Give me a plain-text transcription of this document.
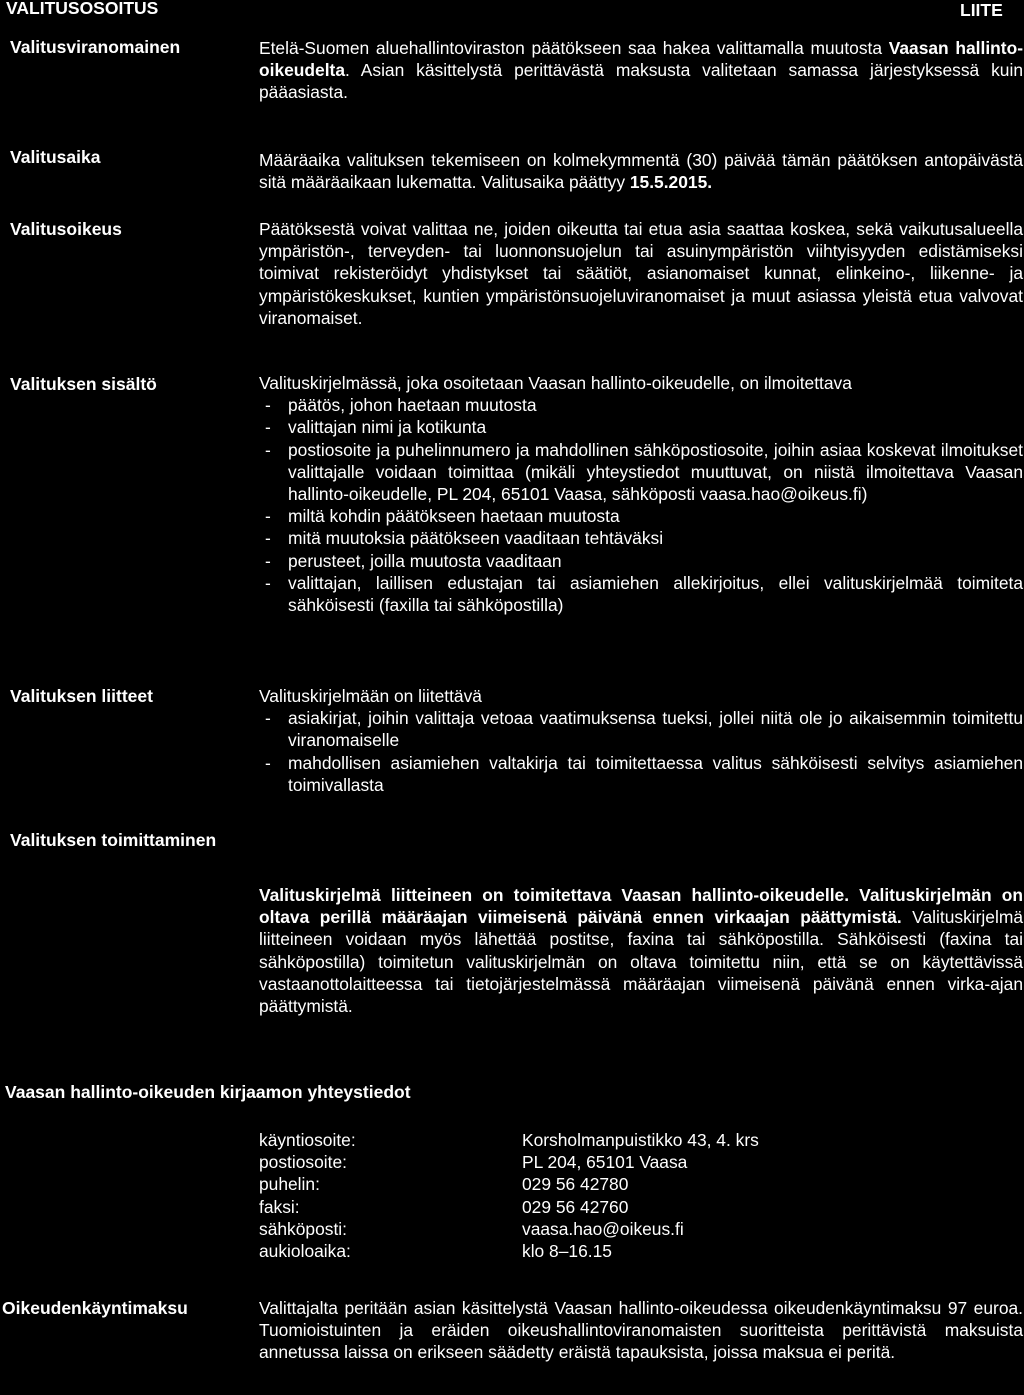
VALITUSOSOITUS	LIITE
Valitusviranomainen	Etelä-Suomen aluehallintoviraston päätökseen saa hakea valittamalla muutosta Vaasan hallinto-oikeudelta. Asian käsittelystä perittävästä maksusta valitetaan samassa järjestyksessä kuin pääasiasta.

Valitusaika	Määräaika valituksen tekemiseen on kolmekymmentä (30) päivää tämän päätöksen antopäivästä sitä määräaikaan lukematta. Valitusaika päättyy 15.5.2015.

Valitusoikeus	Päätöksestä voivat valittaa ne, joiden oikeutta tai etua asia saattaa koskea, sekä vaikutusalueella ympäristön-, terveyden- tai luonnonsuojelun tai asuinympäristön viihtyisyyden edistämiseksi toimivat rekisteröidyt yhdistykset tai säätiöt, asianomaiset kunnat, elinkeino-, liikenne- ja ympäristökeskukset, kuntien ympäristönsuojeluviranomaiset ja muut asiassa yleistä etua valvovat viranomaiset.

Valituksen sisältö	Valituskirjelmässä, joka osoitetaan Vaasan hallinto-oikeudelle, on ilmoitettava

- päätös, johon haetaan muutosta
- valittajan nimi ja kotikunta
- postiosoite ja puhelinnumero ja mahdollinen sähköpostiosoite, joihin asiaa koskevat ilmoitukset valittajalle voidaan toimittaa (mikäli yhteystiedot muuttuvat, on niistä ilmoitettava Vaasan hallinto-oikeudelle, PL 204, 65101 Vaasa, sähköposti vaasa.hao@oikeus.fi)
- miltä kohdin päätökseen haetaan muutosta
- mitä muutoksia päätökseen vaaditaan tehtäväksi
- perusteet, joilla muutosta vaaditaan
- valittajan, laillisen edustajan tai asiamiehen allekirjoitus, ellei valituskirjelmää toimiteta sähköisesti (faxilla tai sähköpostilla)
Valituksen liitteet	Valituskirjelmään on liitettävä

- asiakirjat, joihin valittaja vetoaa vaatimuksensa tueksi, jollei niitä ole jo aikaisemmin toimitettu viranomaiselle
- mahdollisen asiamiehen valtakirja tai toimitettaessa valitus sähköisesti selvitys asiamiehen toimivallasta
Valituksen toimittaminen

Valituskirjelmä liitteineen on toimitettava Vaasan hallinto-oikeudelle. Valituskirjelmän on oltava perillä määräajan viimeisenä päivänä ennen virkaajan päättymistä. Valituskirjelmä liitteineen voidaan myös lähettää postitse, faxina tai sähköpostilla. Sähköisesti (faxina tai sähköpostilla) toimitetun valituskirjelmän on oltava toimitettu niin, että se on käytettävissä vastaanottolaitteessa tai tietojärjestelmässä määräajan viimeisenä päivänä ennen virka-ajan päättymistä.

Vaasan hallinto-oikeuden kirjaamon yhteystiedot
käyntiosoite:	Korsholmanpuistikko 43, 4. krs
postiosoite:	PL 204, 65101 Vaasa
puhelin:	029 56 42780
faksi:	029 56 42760
sähköposti:	vaasa.hao@oikeus.fi
aukioloaika:	klo 8–16.15
Oikeudenkäyntimaksu	Valittajalta peritään asian käsittelystä Vaasan hallinto-oikeudessa oikeudenkäyntimaksu 97 euroa. Tuomioistuinten ja eräiden oikeushallintoviranomaisten suoritteista perittävistä maksuista annetussa laissa on erikseen säädetty eräistä tapauksista, joissa maksua ei peritä.
